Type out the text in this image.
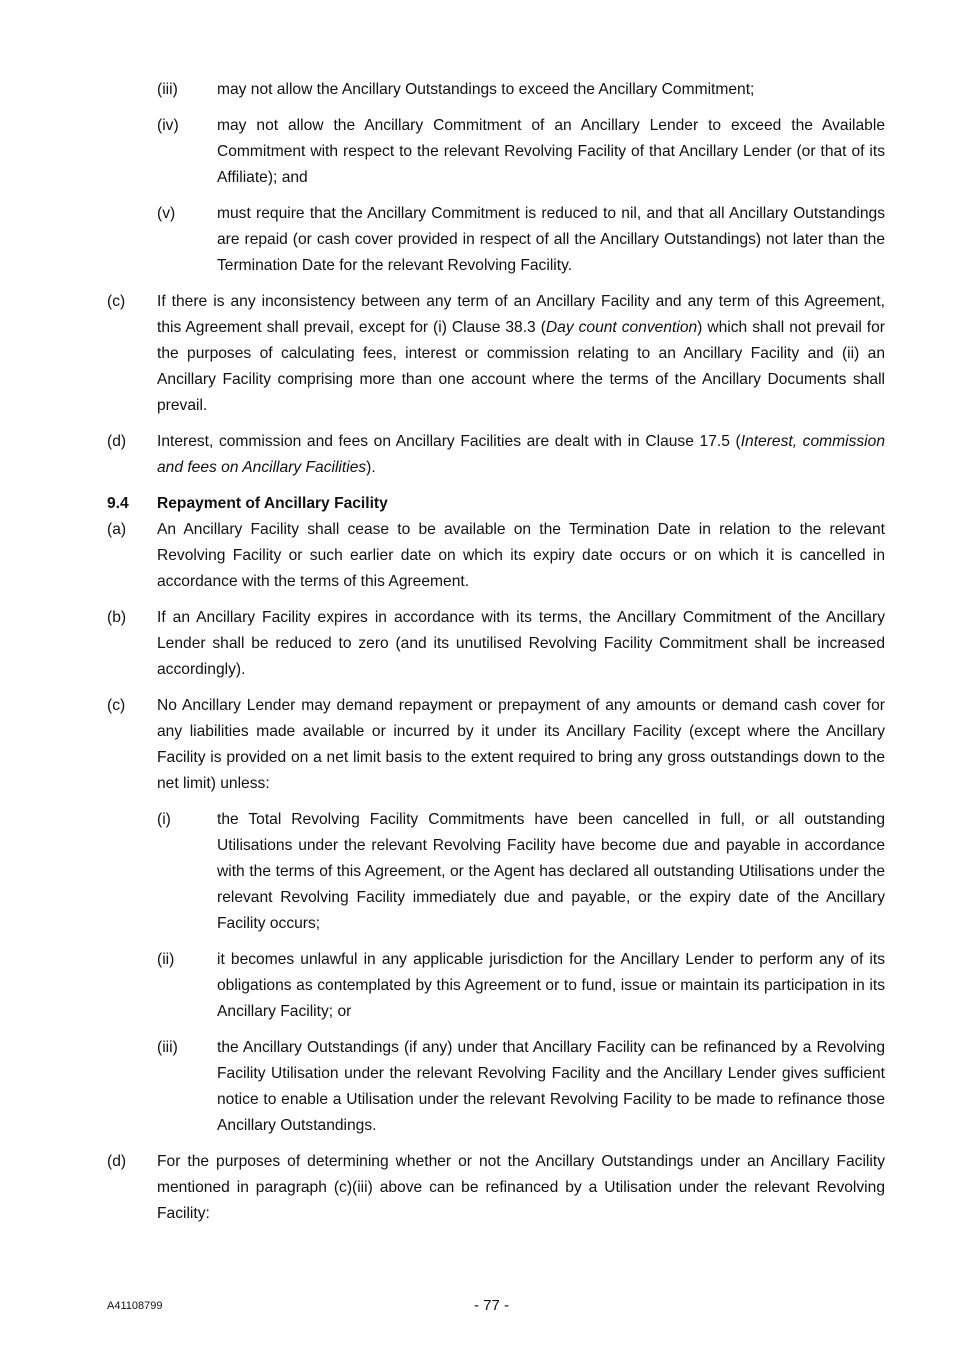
(iii)	may not allow the Ancillary Outstandings to exceed the Ancillary Commitment;
(iv) may not allow the Ancillary Commitment of an Ancillary Lender to exceed the Available Commitment with respect to the relevant Revolving Facility of that Ancillary Lender (or that of its Affiliate); and
(v)	must require that the Ancillary Commitment is reduced to nil, and that all Ancillary Outstandings are repaid (or cash cover provided in respect of all the Ancillary Outstandings) not later than the Termination Date for the relevant Revolving Facility.
(c) If there is any inconsistency between any term of an Ancillary Facility and any term of this Agreement, this Agreement shall prevail, except for (i) Clause 38.3 (Day count convention) which shall not prevail for the purposes of calculating fees, interest or commission relating to an Ancillary Facility and (ii) an Ancillary Facility comprising more than one account where the terms of the Ancillary Documents shall prevail.
(d) Interest, commission and fees on Ancillary Facilities are dealt with in Clause 17.5 (Interest, commission and fees on Ancillary Facilities).
9.4 Repayment of Ancillary Facility
(a) An Ancillary Facility shall cease to be available on the Termination Date in relation to the relevant Revolving Facility or such earlier date on which its expiry date occurs or on which it is cancelled in accordance with the terms of this Agreement.
(b) If an Ancillary Facility expires in accordance with its terms, the Ancillary Commitment of the Ancillary Lender shall be reduced to zero (and its unutilised Revolving Facility Commitment shall be increased accordingly).
(c) No Ancillary Lender may demand repayment or prepayment of any amounts or demand cash cover for any liabilities made available or incurred by it under its Ancillary Facility (except where the Ancillary Facility is provided on a net limit basis to the extent required to bring any gross outstandings down to the net limit) unless:
(i)	the Total Revolving Facility Commitments have been cancelled in full, or all outstanding Utilisations under the relevant Revolving Facility have become due and payable in accordance with the terms of this Agreement, or the Agent has declared all outstanding Utilisations under the relevant Revolving Facility immediately due and payable, or the expiry date of the Ancillary Facility occurs;
(ii)	it becomes unlawful in any applicable jurisdiction for the Ancillary Lender to perform any of its obligations as contemplated by this Agreement or to fund, issue or maintain its participation in its Ancillary Facility; or
(iii)	the Ancillary Outstandings (if any) under that Ancillary Facility can be refinanced by a Revolving Facility Utilisation under the relevant Revolving Facility and the Ancillary Lender gives sufficient notice to enable a Utilisation under the relevant Revolving Facility to be made to refinance those Ancillary Outstandings.
(d) For the purposes of determining whether or not the Ancillary Outstandings under an Ancillary Facility mentioned in paragraph (c)(iii) above can be refinanced by a Utilisation under the relevant Revolving Facility:
A41108799	- 77 -
